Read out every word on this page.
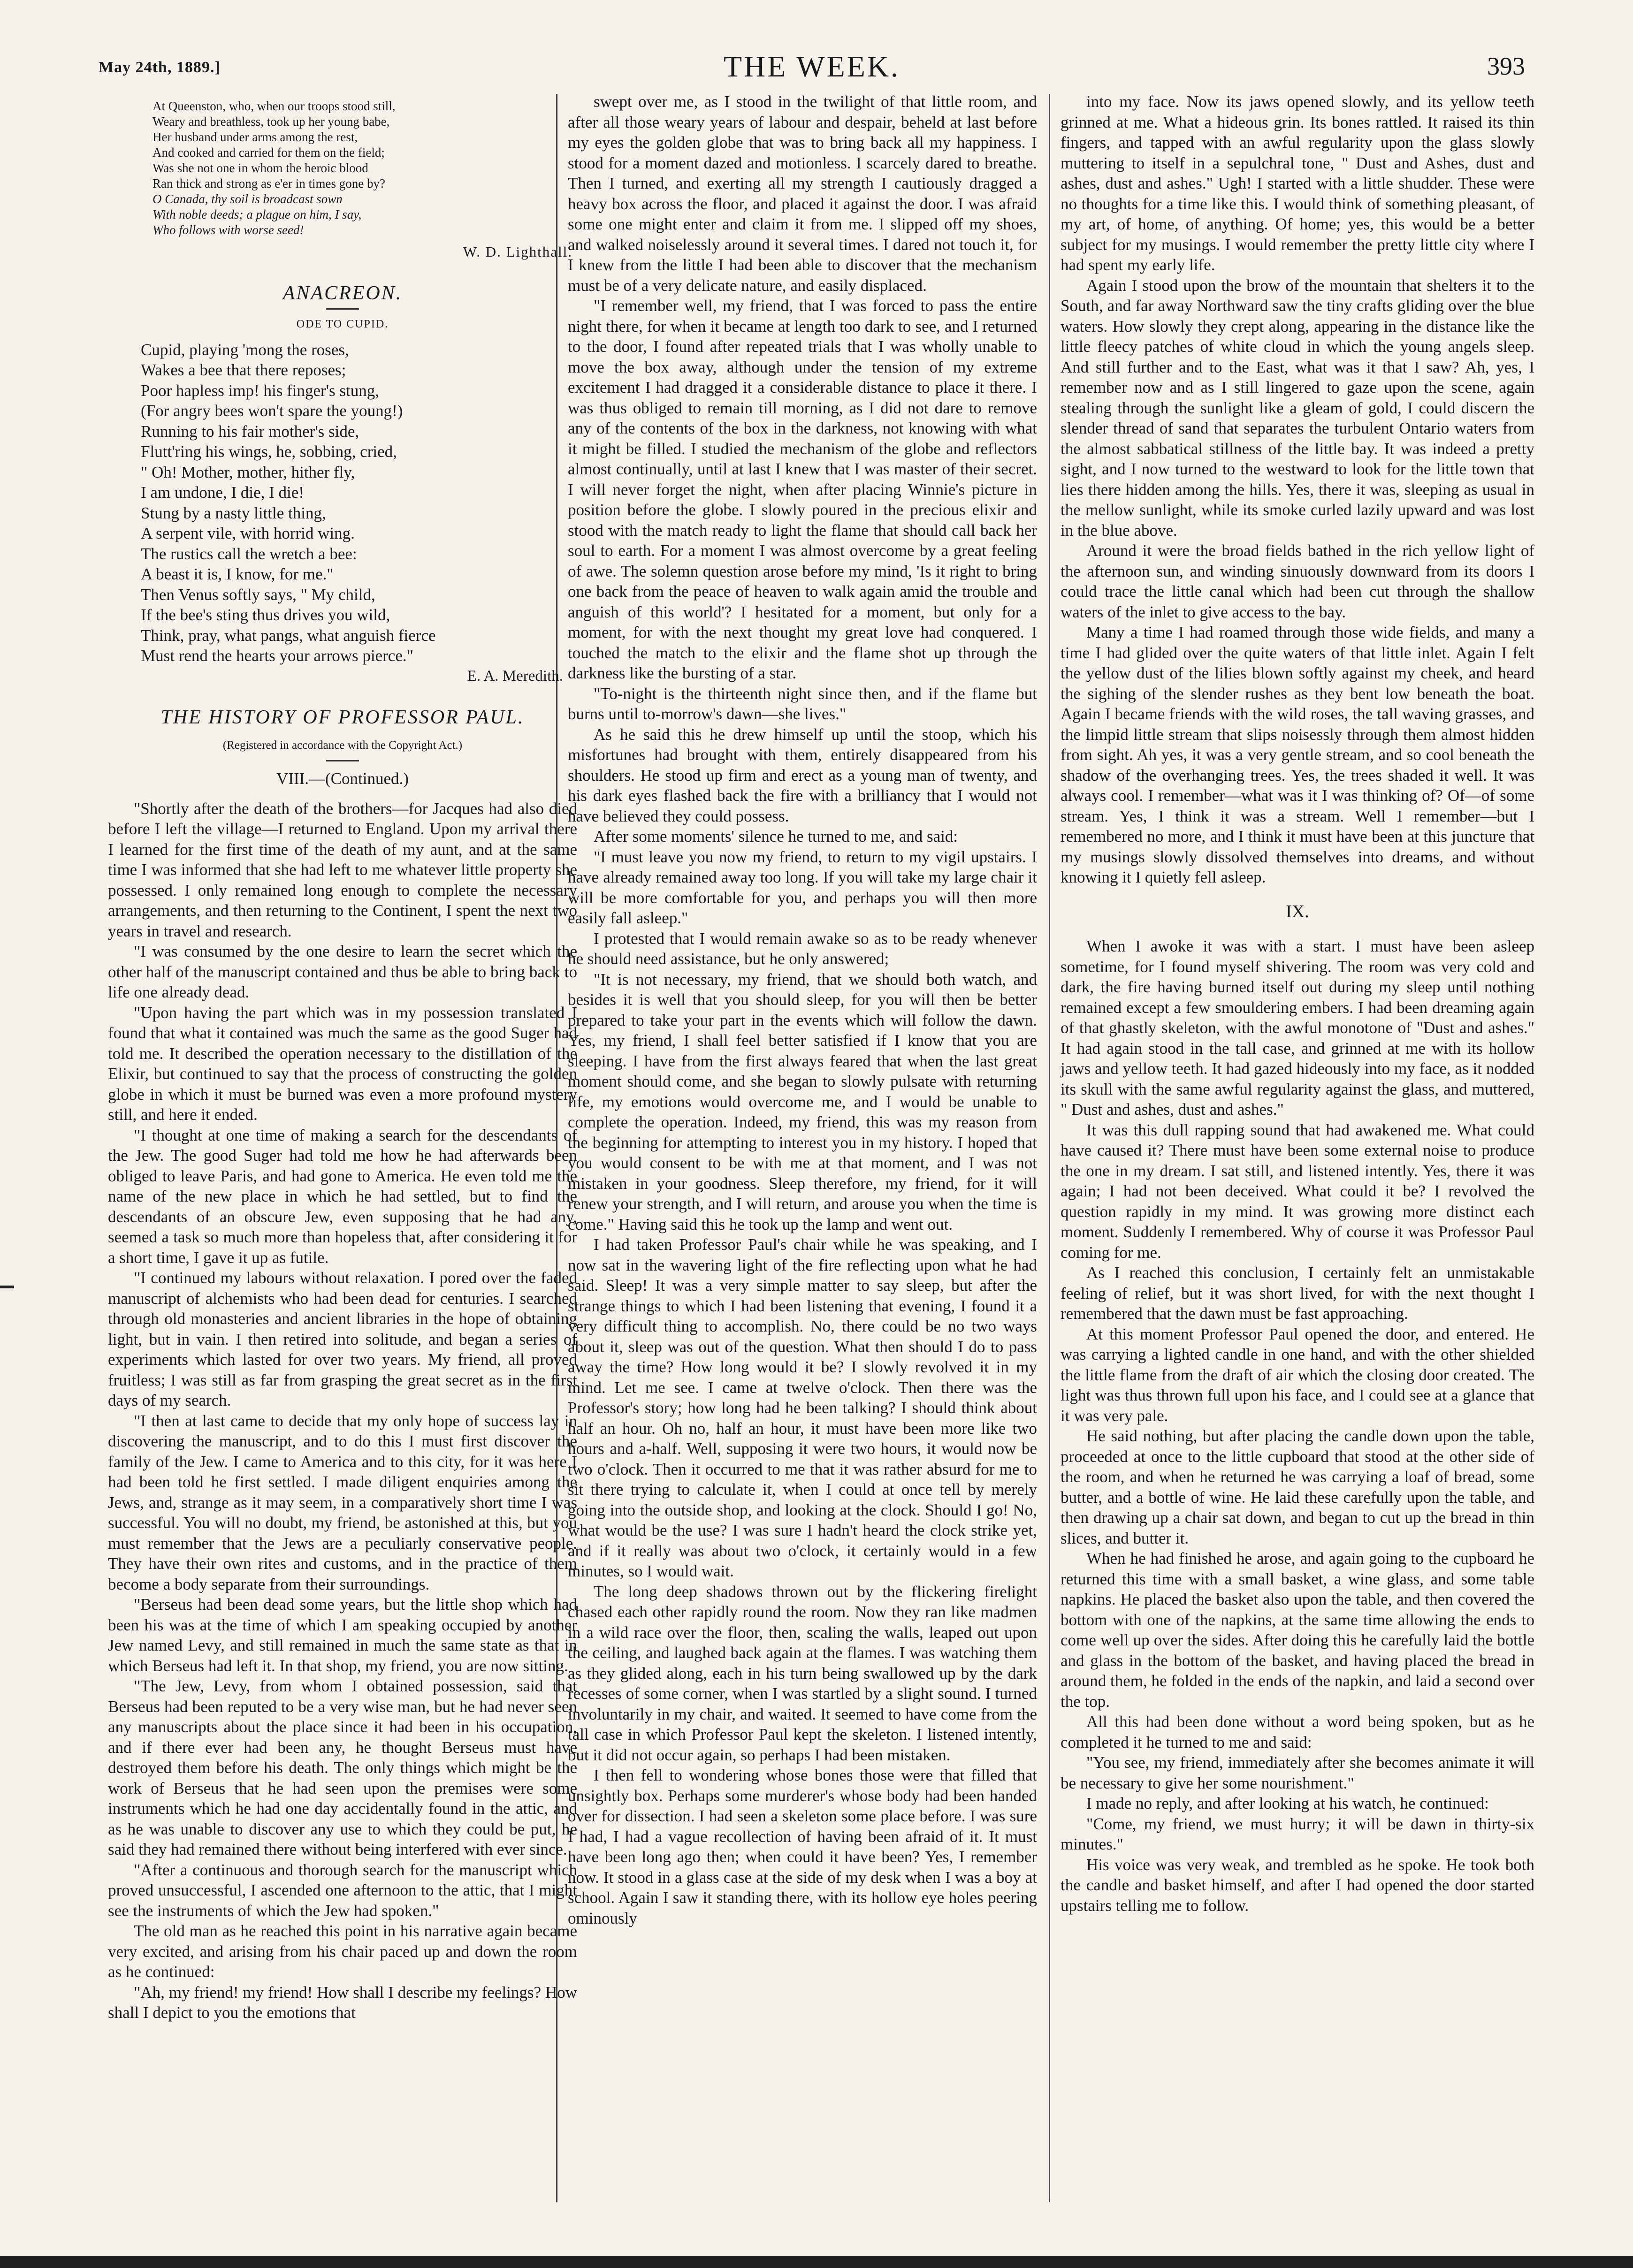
May 24th, 1889.]	THE WEEK.	393
At Queenston, who, when our troops stood still,
Weary and breathless, took up her young babe,
Her husband under arms among the rest,
And cooked and carried for them on the field;
Was she not one in whom the heroic blood
Ran thick and strong as e'er in times gone by?
O Canada, thy soil is broadcast sown
With noble deeds; a plague on him, I say,
Who follows with worse seed!
W. D. Lighthall.
ANACREON.
ODE TO CUPID.
Cupid, playing 'mong the roses,
Wakes a bee that there reposes;
Poor hapless imp! his finger's stung,
(For angry bees won't spare the young!)
Running to his fair mother's side,
Flutt'ring his wings, he, sobbing, cried,
" Oh! Mother, mother, hither fly,
I am undone, I die, I die!
Stung by a nasty little thing,
A serpent vile, with horrid wing.
The rustics call the wretch a bee:
A beast it is, I know, for me."
Then Venus softly says, " My child,
If the bee's sting thus drives you wild,
Think, pray, what pangs, what anguish fierce
Must rend the hearts your arrows pierce."
E. A. Meredith.
THE HISTORY OF PROFESSOR PAUL.
(Registered in accordance with the Copyright Act.)
VIII.—(Continued.)

"Shortly after the death of the brothers—for Jacques had also died before I left the village—I returned to England. Upon my arrival there I learned for the first time of the death of my aunt, and at the same time I was informed that she had left to me whatever little property she possessed. I only remained long enough to complete the necessary arrangements, and then returning to the Continent, I spent the next two years in travel and research.

"I was consumed by the one desire to learn the secret which the other half of the manuscript contained and thus be able to bring back to life one already dead.

"Upon having the part which was in my possession translated I found that what it contained was much the same as the good Suger had told me. It described the operation necessary to the distillation of the Elixir, but continued to say that the process of constructing the golden globe in which it must be burned was even a more profound mystery still, and here it ended.

"I thought at one time of making a search for the descendants of the Jew. The good Suger had told me how he had afterwards been obliged to leave Paris, and had gone to America. He even told me the name of the new place in which he had settled, but to find the descendants of an obscure Jew, even supposing that he had any, seemed a task so much more than hopeless that, after considering it for a short time, I gave it up as futile.

"I continued my labours without relaxation. I pored over the faded manuscript of alchemists who had been dead for centuries. I searched through old monasteries and ancient libraries in the hope of obtaining light, but in vain. I then retired into solitude, and began a series of experiments which lasted for over two years. My friend, all proved fruitless; I was still as far from grasping the great secret as in the first days of my search.

"I then at last came to decide that my only hope of success lay in discovering the manuscript, and to do this I must first discover the family of the Jew. I came to America and to this city, for it was here I had been told he first settled. I made diligent enquiries among the Jews, and, strange as it may seem, in a comparatively short time I was successful. You will no doubt, my friend, be astonished at this, but you must remember that the Jews are a peculiarly conservative people. They have their own rites and customs, and in the practice of them become a body separate from their surroundings.

"Berseus had been dead some years, but the little shop which had been his was at the time of which I am speaking occupied by another Jew named Levy, and still remained in much the same state as that in which Berseus had left it. In that shop, my friend, you are now sitting.

"The Jew, Levy, from whom I obtained possession, said that Berseus had been reputed to be a very wise man, but he had never seen any manuscripts about the place since it had been in his occupation, and if there ever had been any, he thought Berseus must have destroyed them before his death. The only things which might be the work of Berseus that he had seen upon the premises were some instruments which he had one day accidentally found in the attic, and as he was unable to discover any use to which they could be put, he said they had remained there without being interfered with ever since.

"After a continuous and thorough search for the manuscript which proved unsuccessful, I ascended one afternoon to the attic, that I might see the instruments of which the Jew had spoken."

The old man as he reached this point in his narrative again became very excited, and arising from his chair paced up and down the room as he continued:

"Ah, my friend! my friend! How shall I describe my feelings? How shall I depict to you the emotions that

swept over me, as I stood in the twilight of that little room, and after all those weary years of labour and despair, beheld at last before my eyes the golden globe that was to bring back all my happiness. I stood for a moment dazed and motionless. I scarcely dared to breathe. Then I turned, and exerting all my strength I cautiously dragged a heavy box across the floor, and placed it against the door. I was afraid some one might enter and claim it from me. I slipped off my shoes, and walked noiselessly around it several times. I dared not touch it, for I knew from the little I had been able to discover that the mechanism must be of a very delicate nature, and easily displaced.

"I remember well, my friend, that I was forced to pass the entire night there, for when it became at length too dark to see, and I returned to the door, I found after repeated trials that I was wholly unable to move the box away, although under the tension of my extreme excitement I had dragged it a considerable distance to place it there. I was thus obliged to remain till morning, as I did not dare to remove any of the contents of the box in the darkness, not knowing with what it might be filled. I studied the mechanism of the globe and reflectors almost continually, until at last I knew that I was master of their secret. I will never forget the night, when after placing Winnie's picture in position before the globe. I slowly poured in the precious elixir and stood with the match ready to light the flame that should call back her soul to earth. For a moment I was almost overcome by a great feeling of awe. The solemn question arose before my mind, 'Is it right to bring one back from the peace of heaven to walk again amid the trouble and anguish of this world'? I hesitated for a moment, but only for a moment, for with the next thought my great love had conquered. I touched the match to the elixir and the flame shot up through the darkness like the bursting of a star.

"To-night is the thirteenth night since then, and if the flame but burns until to-morrow's dawn—she lives."

As he said this he drew himself up until the stoop, which his misfortunes had brought with them, entirely disappeared from his shoulders. He stood up firm and erect as a young man of twenty, and his dark eyes flashed back the fire with a brilliancy that I would not have believed they could possess.

After some moments' silence he turned to me, and said:

"I must leave you now my friend, to return to my vigil upstairs. I have already remained away too long. If you will take my large chair it will be more comfortable for you, and perhaps you will then more easily fall asleep."

I protested that I would remain awake so as to be ready whenever he should need assistance, but he only answered;

"It is not necessary, my friend, that we should both watch, and besides it is well that you should sleep, for you will then be better prepared to take your part in the events which will follow the dawn. Yes, my friend, I shall feel better satisfied if I know that you are sleeping. I have from the first always feared that when the last great moment should come, and she began to slowly pulsate with returning life, my emotions would overcome me, and I would be unable to complete the operation. Indeed, my friend, this was my reason from the beginning for attempting to interest you in my history. I hoped that you would consent to be with me at that moment, and I was not mistaken in your goodness. Sleep therefore, my friend, for it will renew your strength, and I will return, and arouse you when the time is come." Having said this he took up the lamp and went out.

I had taken Professor Paul's chair while he was speaking, and I now sat in the wavering light of the fire reflecting upon what he had said. Sleep! It was a very simple matter to say sleep, but after the strange things to which I had been listening that evening, I found it a very difficult thing to accomplish. No, there could be no two ways about it, sleep was out of the question. What then should I do to pass away the time? How long would it be? I slowly revolved it in my mind. Let me see. I came at twelve o'clock. Then there was the Professor's story; how long had he been talking? I should think about half an hour. Oh no, half an hour, it must have been more like two hours and a-half. Well, supposing it were two hours, it would now be two o'clock. Then it occurred to me that it was rather absurd for me to sit there trying to calculate it, when I could at once tell by merely going into the outside shop, and looking at the clock. Should I go! No, what would be the use? I was sure I hadn't heard the clock strike yet, and if it really was about two o'clock, it certainly would in a few minutes, so I would wait.

The long deep shadows thrown out by the flickering firelight chased each other rapidly round the room. Now they ran like madmen in a wild race over the floor, then, scaling the walls, leaped out upon the ceiling, and laughed back again at the flames. I was watching them as they glided along, each in his turn being swallowed up by the dark recesses of some corner, when I was startled by a slight sound. I turned involuntarily in my chair, and waited. It seemed to have come from the tall case in which Professor Paul kept the skeleton. I listened intently, but it did not occur again, so perhaps I had been mistaken.

I then fell to wondering whose bones those were that filled that unsightly box. Perhaps some murderer's whose body had been handed over for dissection. I had seen a skeleton some place before. I was sure I had, I had a vague recollection of having been afraid of it. It must have been long ago then; when could it have been? Yes, I remember now. It stood in a glass case at the side of my desk when I was a boy at school. Again I saw it standing there, with its hollow eye holes peering ominously

into my face. Now its jaws opened slowly, and its yellow teeth grinned at me. What a hideous grin. Its bones rattled. It raised its thin fingers, and tapped with an awful regularity upon the glass slowly muttering to itself in a sepulchral tone, " Dust and Ashes, dust and ashes, dust and ashes." Ugh! I started with a little shudder. These were no thoughts for a time like this. I would think of something pleasant, of my art, of home, of anything. Of home; yes, this would be a better subject for my musings. I would remember the pretty little city where I had spent my early life.

Again I stood upon the brow of the mountain that shelters it to the South, and far away Northward saw the tiny crafts gliding over the blue waters. How slowly they crept along, appearing in the distance like the little fleecy patches of white cloud in which the young angels sleep. And still further and to the East, what was it that I saw? Ah, yes, I remember now and as I still lingered to gaze upon the scene, again stealing through the sunlight like a gleam of gold, I could discern the slender thread of sand that separates the turbulent Ontario waters from the almost sabbatical stillness of the little bay. It was indeed a pretty sight, and I now turned to the westward to look for the little town that lies there hidden among the hills. Yes, there it was, sleeping as usual in the mellow sunlight, while its smoke curled lazily upward and was lost in the blue above.

Around it were the broad fields bathed in the rich yellow light of the afternoon sun, and winding sinuously downward from its doors I could trace the little canal which had been cut through the shallow waters of the inlet to give access to the bay.

Many a time I had roamed through those wide fields, and many a time I had glided over the quite waters of that little inlet. Again I felt the yellow dust of the lilies blown softly against my cheek, and heard the sighing of the slender rushes as they bent low beneath the boat. Again I became friends with the wild roses, the tall waving grasses, and the limpid little stream that slips noisessly through them almost hidden from sight. Ah yes, it was a very gentle stream, and so cool beneath the shadow of the overhanging trees. Yes, the trees shaded it well. It was always cool. I remember—what was it I was thinking of? Of—of some stream. Yes, I think it was a stream. Well I remember—but I remembered no more, and I think it must have been at this juncture that my musings slowly dissolved themselves into dreams, and without knowing it I quietly fell asleep.

IX.

When I awoke it was with a start. I must have been asleep sometime, for I found myself shivering. The room was very cold and dark, the fire having burned itself out during my sleep until nothing remained except a few smouldering embers. I had been dreaming again of that ghastly skeleton, with the awful monotone of "Dust and ashes." It had again stood in the tall case, and grinned at me with its hollow jaws and yellow teeth. It had gazed hideously into my face, as it nodded its skull with the same awful regularity against the glass, and muttered, " Dust and ashes, dust and ashes."

It was this dull rapping sound that had awakened me. What could have caused it? There must have been some external noise to produce the one in my dream. I sat still, and listened intently. Yes, there it was again; I had not been deceived. What could it be? I revolved the question rapidly in my mind. It was growing more distinct each moment. Suddenly I remembered. Why of course it was Professor Paul coming for me.

As I reached this conclusion, I certainly felt an unmistakable feeling of relief, but it was short lived, for with the next thought I remembered that the dawn must be fast approaching.

At this moment Professor Paul opened the door, and entered. He was carrying a lighted candle in one hand, and with the other shielded the little flame from the draft of air which the closing door created. The light was thus thrown full upon his face, and I could see at a glance that it was very pale.

He said nothing, but after placing the candle down upon the table, proceeded at once to the little cupboard that stood at the other side of the room, and when he returned he was carrying a loaf of bread, some butter, and a bottle of wine. He laid these carefully upon the table, and then drawing up a chair sat down, and began to cut up the bread in thin slices, and butter it.

When he had finished he arose, and again going to the cupboard he returned this time with a small basket, a wine glass, and some table napkins. He placed the basket also upon the table, and then covered the bottom with one of the napkins, at the same time allowing the ends to come well up over the sides. After doing this he carefully laid the bottle and glass in the bottom of the basket, and having placed the bread in around them, he folded in the ends of the napkin, and laid a second over the top.

All this had been done without a word being spoken, but as he completed it he turned to me and said:

"You see, my friend, immediately after she becomes animate it will be necessary to give her some nourishment."

I made no reply, and after looking at his watch, he continued:

"Come, my friend, we must hurry; it will be dawn in thirty-six minutes."

His voice was very weak, and trembled as he spoke. He took both the candle and basket himself, and after I had opened the door started upstairs telling me to follow.
